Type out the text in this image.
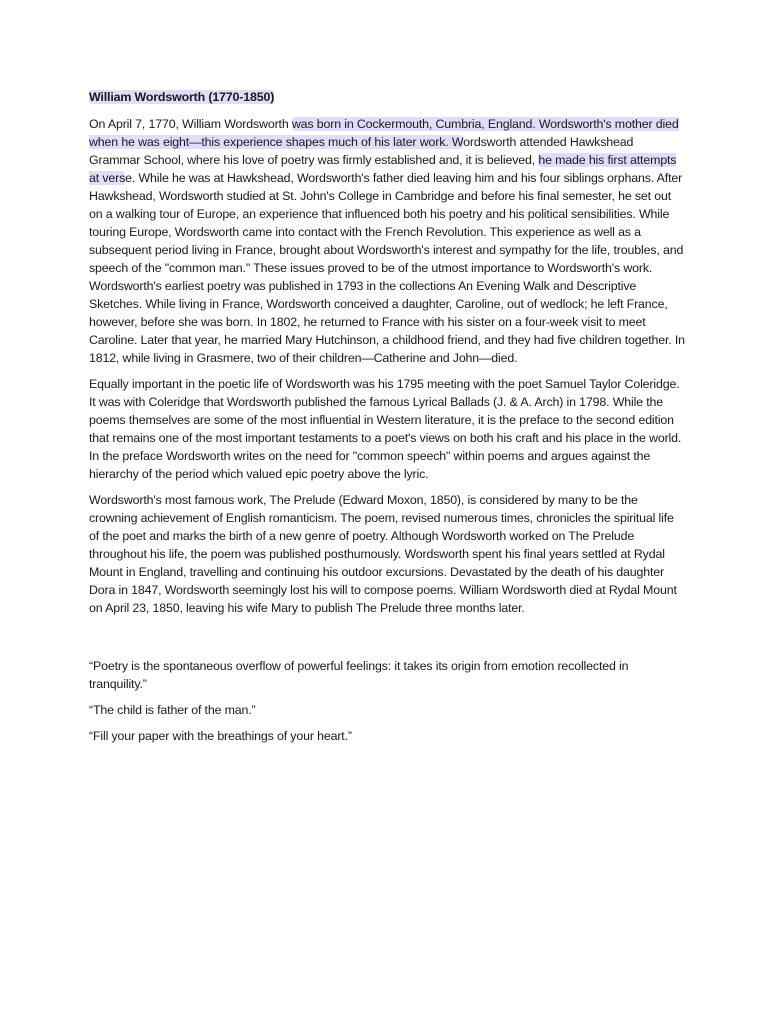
William Wordsworth (1770-1850)

On April 7, 1770, William Wordsworth was born in Cockermouth, Cumbria, England. Wordsworth's mother died when he was eight—this experience shapes much of his later work. Wordsworth attended Hawkshead Grammar School, where his love of poetry was firmly established and, it is believed, he made his first attempts at verse. While he was at Hawkshead, Wordsworth's father died leaving him and his four siblings orphans. After Hawkshead, Wordsworth studied at St. John's College in Cambridge and before his final semester, he set out on a walking tour of Europe, an experience that influenced both his poetry and his political sensibilities. While touring Europe, Wordsworth came into contact with the French Revolution. This experience as well as a subsequent period living in France, brought about Wordsworth's interest and sympathy for the life, troubles, and speech of the "common man." These issues proved to be of the utmost importance to Wordsworth's work. Wordsworth's earliest poetry was published in 1793 in the collections An Evening Walk and Descriptive Sketches. While living in France, Wordsworth conceived a daughter, Caroline, out of wedlock; he left France, however, before she was born. In 1802, he returned to France with his sister on a four-week visit to meet Caroline. Later that year, he married Mary Hutchinson, a childhood friend, and they had five children together. In 1812, while living in Grasmere, two of their children—Catherine and John—died.

Equally important in the poetic life of Wordsworth was his 1795 meeting with the poet Samuel Taylor Coleridge. It was with Coleridge that Wordsworth published the famous Lyrical Ballads (J. & A. Arch) in 1798. While the poems themselves are some of the most influential in Western literature, it is the preface to the second edition that remains one of the most important testaments to a poet's views on both his craft and his place in the world. In the preface Wordsworth writes on the need for "common speech" within poems and argues against the hierarchy of the period which valued epic poetry above the lyric.

Wordsworth's most famous work, The Prelude (Edward Moxon, 1850), is considered by many to be the crowning achievement of English romanticism. The poem, revised numerous times, chronicles the spiritual life of the poet and marks the birth of a new genre of poetry. Although Wordsworth worked on The Prelude throughout his life, the poem was published posthumously. Wordsworth spent his final years settled at Rydal Mount in England, travelling and continuing his outdoor excursions. Devastated by the death of his daughter Dora in 1847, Wordsworth seemingly lost his will to compose poems. William Wordsworth died at Rydal Mount on April 23, 1850, leaving his wife Mary to publish The Prelude three months later.

“Poetry is the spontaneous overflow of powerful feelings: it takes its origin from emotion recollected in tranquility.”

“The child is father of the man.”

“Fill your paper with the breathings of your heart.”
